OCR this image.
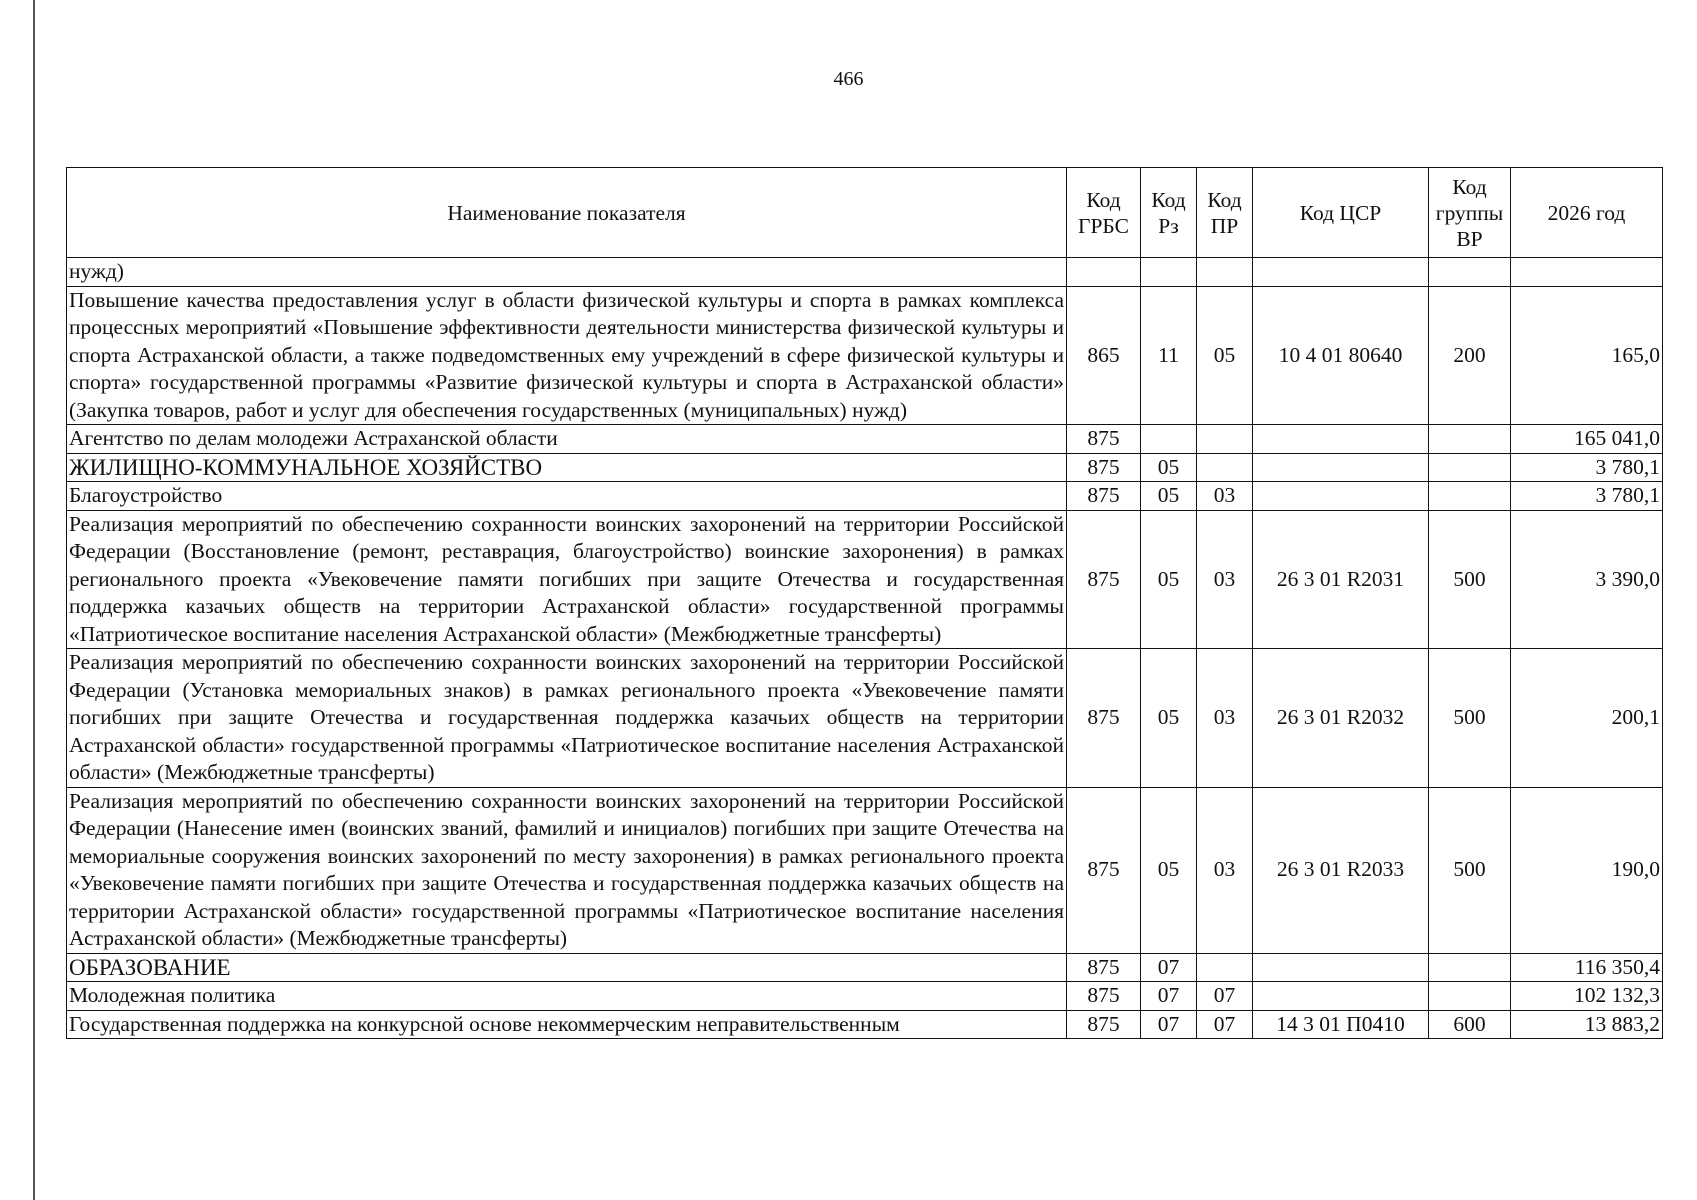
466
Наименование показателя	Код ГРБС	Код Рз	Код ПР	Код ЦСР	Код группы ВР	2026 год
нужд)						
Повышение качества предоставления услуг в области физической культуры и спорта в рамках комплекса процессных мероприятий «Повышение эффективности деятельности министерства физической культуры и спорта Астраханской области, а также подведомственных ему учреждений в сфере физической культуры и спорта» государственной программы «Развитие физической культуры и спорта в Астраханской области» (Закупка товаров, работ и услуг для обеспечения государственных (муниципальных) нужд)	865	11	05	10 4 01 80640	200	165,0
Агентство по делам молодежи Астраханской области	875					165 041,0
ЖИЛИЩНО-КОММУНАЛЬНОЕ ХОЗЯЙСТВО	875	05				3 780,1
Благоустройство	875	05	03			3 780,1
Реализация мероприятий по обеспечению сохранности воинских захоронений на территории Российской Федерации (Восстановление (ремонт, реставрация, благоустройство) воинские захоронения) в рамках регионального проекта «Увековечение памяти погибших при защите Отечества и государственная поддержка казачьих обществ на территории Астраханской области» государственной программы «Патриотическое воспитание населения Астраханской области» (Межбюджетные трансферты)	875	05	03	26 3 01 R2031	500	3 390,0
Реализация мероприятий по обеспечению сохранности воинских захоронений на территории Российской Федерации (Установка мемориальных знаков) в рамках регионального проекта «Увековечение памяти погибших при защите Отечества и государственная поддержка казачьих обществ на территории Астраханской области» государственной программы «Патриотическое воспитание населения Астраханской области» (Межбюджетные трансферты)	875	05	03	26 3 01 R2032	500	200,1
Реализация мероприятий по обеспечению сохранности воинских захоронений на территории Российской Федерации (Нанесение имен (воинских званий, фамилий и инициалов) погибших при защите Отечества на мемориальные сооружения воинских захоронений по месту захоронения) в рамках регионального проекта «Увековечение памяти погибших при защите Отечества и государственная поддержка казачьих обществ на территории Астраханской области» государственной программы «Патриотическое воспитание населения Астраханской области» (Межбюджетные трансферты)	875	05	03	26 3 01 R2033	500	190,0
ОБРАЗОВАНИЕ	875	07				116 350,4
Молодежная политика	875	07	07			102 132,3
Государственная поддержка на конкурсной основе некоммерческим неправительственным	875	07	07	14 3 01 П0410	600	13 883,2
